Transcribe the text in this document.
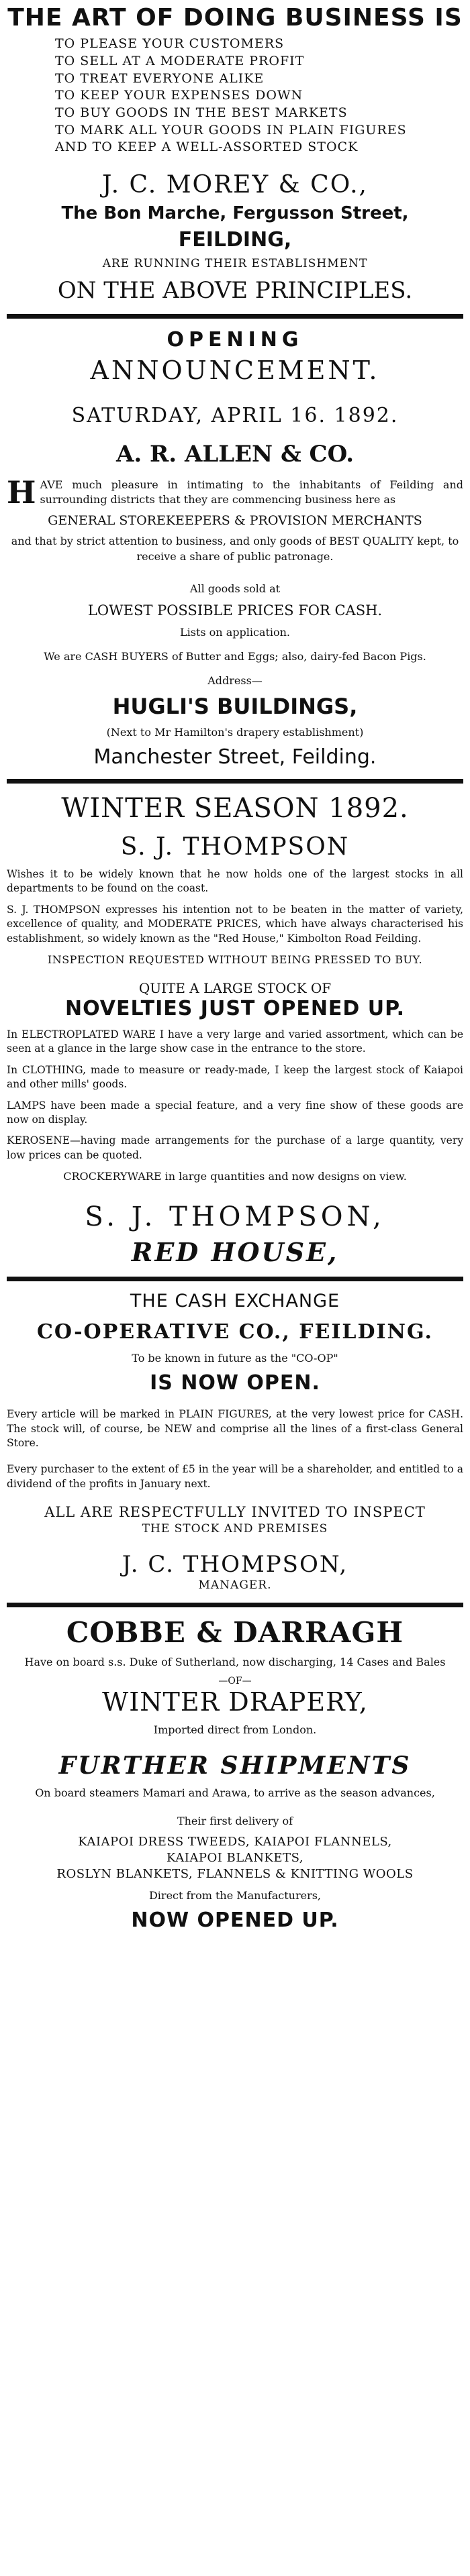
THE ART OF DOING BUSINESS IS
TO PLEASE YOUR CUSTOMERS
TO SELL AT A MODERATE PROFIT
TO TREAT EVERYONE ALIKE
TO KEEP YOUR EXPENSES DOWN
TO BUY GOODS IN THE BEST MARKETS
TO MARK ALL YOUR GOODS IN PLAIN FIGURES
AND TO KEEP A WELL-ASSORTED STOCK
J. C. MOREY & CO.,
The Bon Marche, Fergusson Street,
FEILDING,
ARE RUNNING THEIR ESTABLISHMENT
ON THE ABOVE PRINCIPLES.
OPENING
ANNOUNCEMENT.
SATURDAY, APRIL 16. 1892.
A. R. ALLEN & CO.

HAVE much pleasure in intimating to the inhabitants of Feilding and surrounding districts that they are commencing business here as

GENERAL STOREKEEPERS & PROVISION MERCHANTS

and that by strict attention to business, and only goods of BEST QUALITY kept, to receive a share of public patronage.

All goods sold at
LOWEST POSSIBLE PRICES FOR CASH.
Lists on application.
We are CASH BUYERS of Butter and Eggs; also, dairy-fed Bacon Pigs.
Address—
HUGLI'S BUILDINGS,
(Next to Mr Hamilton's drapery establishment)
Manchester Street, Feilding.
WINTER SEASON 1892.
S. J. THOMPSON

Wishes it to be widely known that he now holds one of the largest stocks in all departments to be found on the coast.

S. J. THOMPSON expresses his intention not to be beaten in the matter of variety, excellence of quality, and MODERATE PRICES, which have always characterised his establishment, so widely known as the "Red House," Kimbolton Road Feilding.

INSPECTION REQUESTED WITHOUT BEING PRESSED TO BUY.
QUITE A LARGE STOCK OF
NOVELTIES JUST OPENED UP.

In ELECTROPLATED WARE I have a very large and varied assortment, which can be seen at a glance in the large show case in the entrance to the store.

In CLOTHING, made to measure or ready-made, I keep the largest stock of Kaiapoi and other mills' goods.

LAMPS have been made a special feature, and a very fine show of these goods are now on display.

KEROSENE—having made arrangements for the purchase of a large quantity, very low prices can be quoted.

CROCKERYWARE in large quantities and now designs on view.
S. J. THOMPSON,
RED HOUSE,
THE CASH EXCHANGE
CO-OPERATIVE CO., FEILDING.
To be known in future as the "CO-OP"
IS NOW OPEN.

Every article will be marked in PLAIN FIGURES, at the very lowest price for CASH. The stock will, of course, be NEW and comprise all the lines of a first-class General Store.

Every purchaser to the extent of £5 in the year will be a shareholder, and entitled to a dividend of the profits in January next.

ALL ARE RESPECTFULLY INVITED TO INSPECT
THE STOCK AND PREMISES
J. C. THOMPSON,
MANAGER.
COBBE & DARRAGH
Have on board s.s. Duke of Sutherland, now discharging, 14 Cases and Bales
—OF—
WINTER DRAPERY,
Imported direct from London.
FURTHER SHIPMENTS
On board steamers Mamari and Arawa, to arrive as the season advances,
Their first delivery of
KAIAPOI DRESS TWEEDS, KAIAPOI FLANNELS,
KAIAPOI BLANKETS,
ROSLYN BLANKETS, FLANNELS & KNITTING WOOLS
Direct from the Manufacturers,
NOW OPENED UP.
